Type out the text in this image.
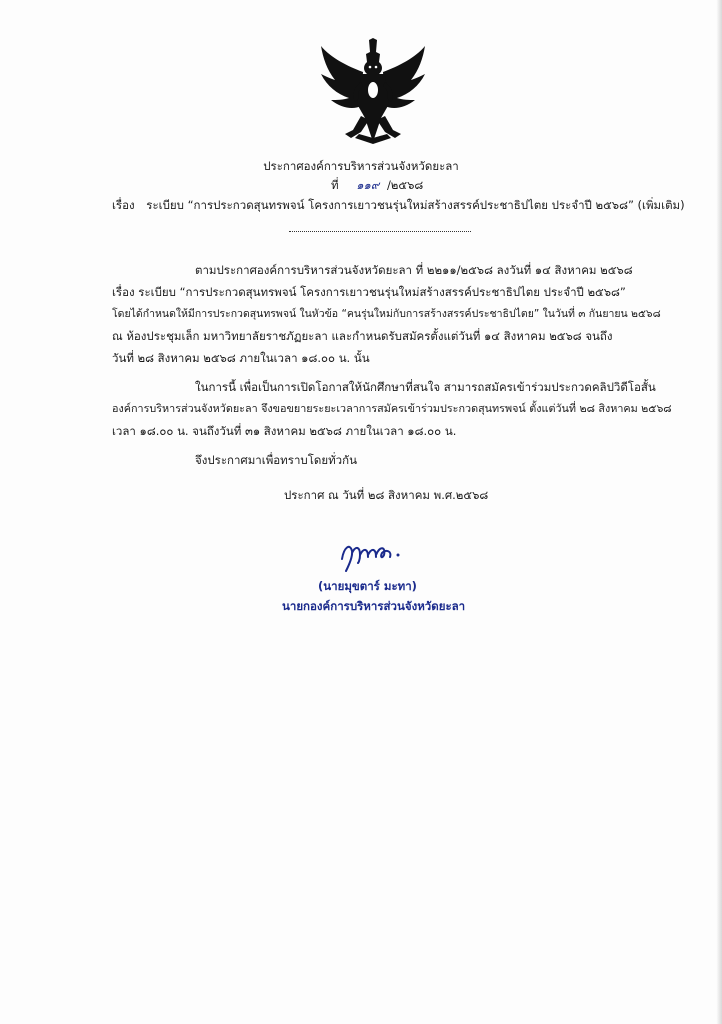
ประกาศองค์การบริหารส่วนจังหวัดยะลา
ที่ ๑๑๙ /๒๕๖๘
เรื่อง ระเบียบ “การประกวดสุนทรพจน์ โครงการเยาวชนรุ่นใหม่สร้างสรรค์ประชาธิปไตย ประจำปี ๒๕๖๘” (เพิ่มเติม)
ตามประกาศองค์การบริหารส่วนจังหวัดยะลา ที่ ๒๒๑๑/๒๕๖๘ ลงวันที่ ๑๔ สิงหาคม ๒๕๖๘
เรื่อง ระเบียบ “การประกวดสุนทรพจน์ โครงการเยาวชนรุ่นใหม่สร้างสรรค์ประชาธิปไตย ประจำปี ๒๕๖๘”
โดยได้กำหนดให้มีการประกวดสุนทรพจน์ ในหัวข้อ “คนรุ่นใหม่กับการสร้างสรรค์ประชาธิปไตย” ในวันที่ ๓ กันยายน ๒๕๖๘
ณ ห้องประชุมเล็ก มหาวิทยาลัยราชภัฏยะลา และกำหนดรับสมัครตั้งแต่วันที่ ๑๔ สิงหาคม ๒๕๖๘ จนถึง
วันที่ ๒๘ สิงหาคม ๒๕๖๘ ภายในเวลา ๑๘.๐๐ น. นั้น
ในการนี้ เพื่อเป็นการเปิดโอกาสให้นักศึกษาที่สนใจ สามารถสมัครเข้าร่วมประกวดคลิปวิดีโอสั้น
องค์การบริหารส่วนจังหวัดยะลา จึงขอขยายระยะเวลาการสมัครเข้าร่วมประกวดสุนทรพจน์ ตั้งแต่วันที่ ๒๘ สิงหาคม ๒๕๖๘
เวลา ๑๘.๐๐ น. จนถึงวันที่ ๓๑ สิงหาคม ๒๕๖๘ ภายในเวลา ๑๘.๐๐ น.
จึงประกาศมาเพื่อทราบโดยทั่วกัน
ประกาศ ณ วันที่ ๒๘ สิงหาคม พ.ศ.๒๕๖๘
(นายมุขตาร์ มะทา)
นายกองค์การบริหารส่วนจังหวัดยะลา
